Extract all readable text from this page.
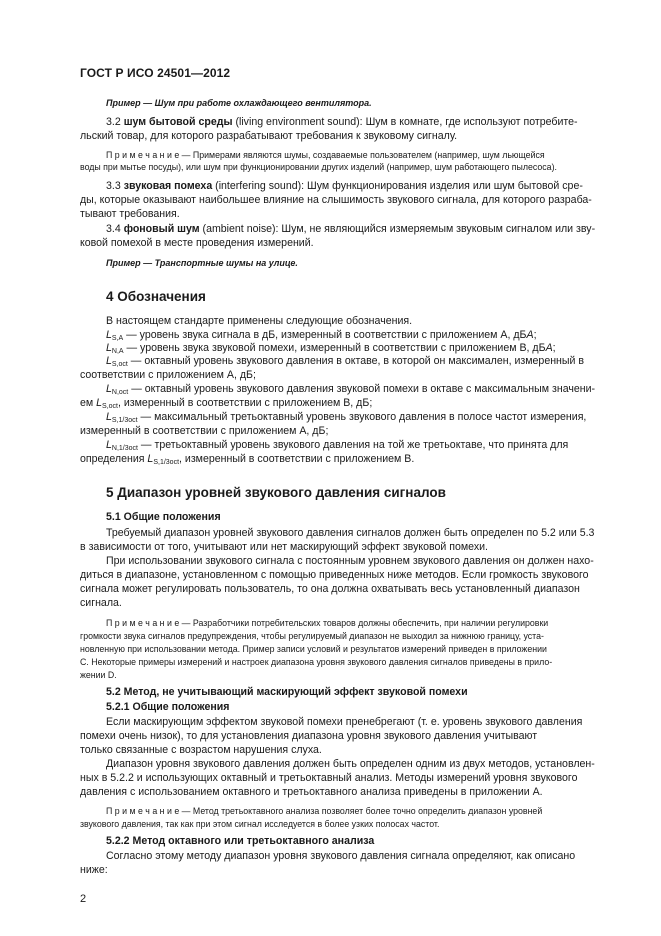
ГОСТ Р ИСО 24501—2012
Пример — Шум при работе охлаждающего вентилятора.
3.2 шум бытовой среды (living environment sound): Шум в комнате, где используют потребите-
льский товар, для которого разрабатывают требования к звуковому сигналу.
П р и м е ч а н и е — Примерами являются шумы, создаваемые пользователем (например, шум льющейся
воды при мытье посуды), или шум при функционировании других изделий (например, шум работающего пылесоса).
3.3 звуковая помеха (interfering sound): Шум функционирования изделия или шум бытовой сре-
ды, которые оказывают наибольшее влияние на слышимость звукового сигнала, для которого разраба-
тывают требования.
3.4 фоновый шум (ambient noise): Шум, не являющийся измеряемым звуковым сигналом или зву-
ковой помехой в месте проведения измерений.
Пример — Транспортные шумы на улице.
4 Обозначения
В настоящем стандарте применены следующие обозначения.
$L_{S,A}$ — уровень звука сигнала в дБ, измеренный в соответствии с приложением А, дБА;
$L_{N,A}$ — уровень звука звуковой помехи, измеренный в соответствии с приложением В, дБА;
$L_{S,oct}$ — октавный уровень звукового давления в октаве, в которой он максимален, измеренный в
соответствии с приложением А, дБ;
$L_{N,oct}$ — октавный уровень звукового давления звуковой помехи в октаве с максимальным значени-
ем $L_{S,oct}$, измеренный в соответствии с приложением В, дБ;
$L_{S,1/3oct}$ — максимальный третьоктавный уровень звукового давления в полосе частот измерения,
измеренный в соответствии с приложением А, дБ;
$L_{N,1/3oct}$ — третьоктавный уровень звукового давления на той же третьоктаве, что принята для
определения $L_{S,1/3oct}$, измеренный в соответствии с приложением В.
5 Диапазон уровней звукового давления сигналов
5.1 Общие положения
Требуемый диапазон уровней звукового давления сигналов должен быть определен по 5.2 или 5.3
в зависимости от того, учитывают или нет маскирующий эффект звуковой помехи.
При использовании звукового сигнала с постоянным уровнем звукового давления он должен нахо-
диться в диапазоне, установленном с помощью приведенных ниже методов. Если громкость звукового
сигнала может регулировать пользователь, то она должна охватывать весь установленный диапазон
сигнала.
П р и м е ч а н и е — Разработчики потребительских товаров должны обеспечить, при наличии регулировки
громкости звука сигналов предупреждения, чтобы регулируемый диапазон не выходил за нижнюю границу, уста-
новленную при использовании метода. Пример записи условий и результатов измерений приведен в приложении
С. Некоторые примеры измерений и настроек диапазона уровня звукового давления сигналов приведены в прило-
жении D.
5.2 Метод, не учитывающий маскирующий эффект звуковой помехи
5.2.1 Общие положения
Если маскирующим эффектом звуковой помехи пренебрегают (т. е. уровень звукового давления
помехи очень низок), то для установления диапазона уровня звукового давления учитывают
только связанные с возрастом нарушения слуха.
Диапазон уровня звукового давления должен быть определен одним из двух методов, установлен-
ных в 5.2.2 и использующих октавный и третьоктавный анализ. Методы измерений уровня звукового
давления с использованием октавного и третьоктавного анализа приведены в приложении А.
П р и м е ч а н и е — Метод третьоктавного анализа позволяет более точно определить диапазон уровней
звукового давления, так как при этом сигнал исследуется в более узких полосах частот.
5.2.2 Метод октавного или третьоктавного анализа
Согласно этому методу диапазон уровня звукового давления сигнала определяют, как описано
ниже:
2
